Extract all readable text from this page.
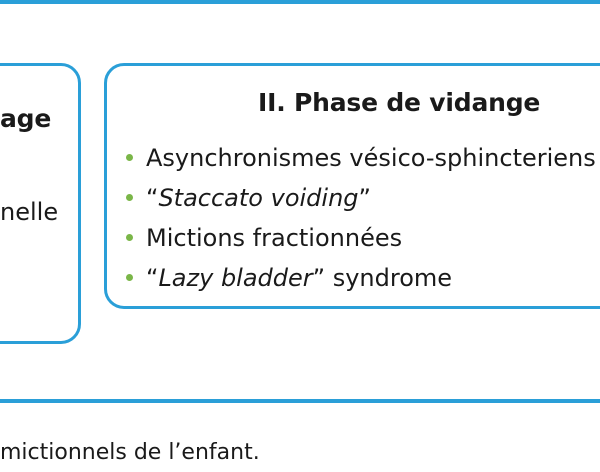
age
nelle
II. Phase de vidange
Asynchronismes vésico-sphincteriens
“Staccato voiding”
Mictions fractionnées
“Lazy bladder” syndrome
mictionnels de l’enfant.
